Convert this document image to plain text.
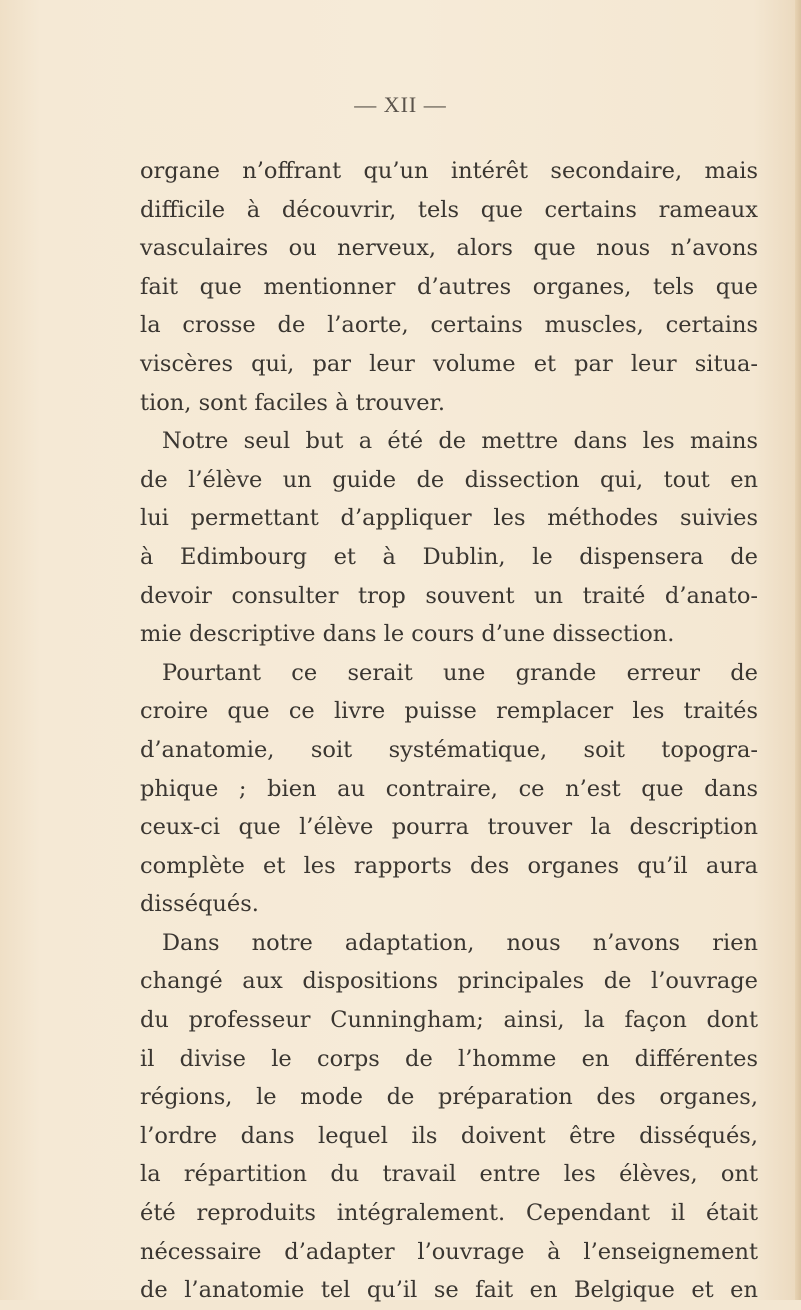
— XII —
organe n’offrant qu’un intérêt secondaire, mais
difficile à découvrir, tels que certains rameaux
vasculaires ou nerveux, alors que nous n’avons
fait que mentionner d’autres organes, tels que
la crosse de l’aorte, certains muscles, certains
viscères qui, par leur volume et par leur situa-
tion, sont faciles à trouver.
Notre seul but a été de mettre dans les mains
de l’élève un guide de dissection qui, tout en
lui permettant d’appliquer les méthodes suivies
à Edimbourg et à Dublin, le dispensera de
devoir consulter trop souvent un traité d’anato-
mie descriptive dans le cours d’une dissection.
Pourtant ce serait une grande erreur de
croire que ce livre puisse remplacer les traités
d’anatomie, soit systématique, soit topogra-
phique ; bien au contraire, ce n’est que dans
ceux-ci que l’élève pourra trouver la description
complète et les rapports des organes qu’il aura
disséqués.
Dans notre adaptation, nous n’avons rien
changé aux dispositions principales de l’ouvrage
du professeur Cunningham; ainsi, la façon dont
il divise le corps de l’homme en différentes
régions, le mode de préparation des organes,
l’ordre dans lequel ils doivent être disséqués,
la répartition du travail entre les élèves, ont
été reproduits intégralement. Cependant il était
nécessaire d’adapter l’ouvrage à l’enseignement
de l’anatomie tel qu’il se fait en Belgique et en
